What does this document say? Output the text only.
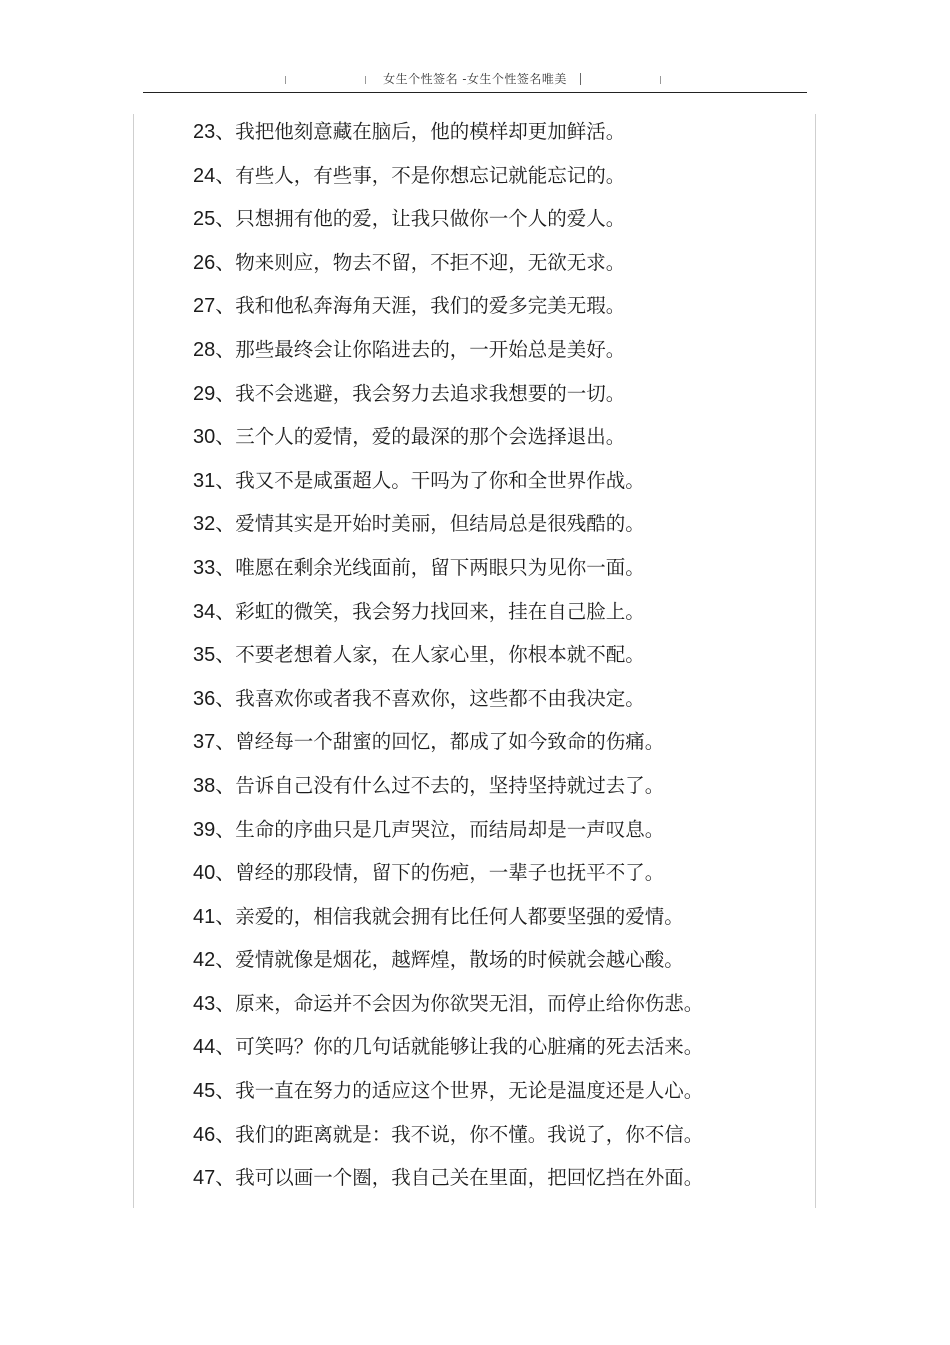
女生个性签名 -女生个性签名唯美
23、我把他刻意藏在脑后，他的模样却更加鲜活。
24、有些人，有些事，不是你想忘记就能忘记的。
25、只想拥有他的爱，让我只做你一个人的爱人。
26、物来则应，物去不留，不拒不迎，无欲无求。
27、我和他私奔海角天涯，我们的爱多完美无瑕。
28、那些最终会让你陷进去的，一开始总是美好。
29、我不会逃避，我会努力去追求我想要的一切。
30、三个人的爱情，爱的最深的那个会选择退出。
31、我又不是咸蛋超人。干吗为了你和全世界作战。
32、爱情其实是开始时美丽，但结局总是很残酷的。
33、唯愿在剩余光线面前，留下两眼只为见你一面。
34、彩虹的微笑，我会努力找回来，挂在自己脸上。
35、不要老想着人家，在人家心里，你根本就不配。
36、我喜欢你或者我不喜欢你，这些都不由我决定。
37、曾经每一个甜蜜的回忆，都成了如今致命的伤痛。
38、告诉自己没有什么过不去的，坚持坚持就过去了。
39、生命的序曲只是几声哭泣，而结局却是一声叹息。
40、曾经的那段情，留下的伤疤，一辈子也抚平不了。
41、亲爱的，相信我就会拥有比任何人都要坚强的爱情。
42、爱情就像是烟花，越辉煌，散场的时候就会越心酸。
43、原来，命运并不会因为你欲哭无泪，而停止给你伤悲。
44、可笑吗？你的几句话就能够让我的心脏痛的死去活来。
45、我一直在努力的适应这个世界，无论是温度还是人心。
46、我们的距离就是：我不说，你不懂。我说了，你不信。
47、我可以画一个圈，我自己关在里面，把回忆挡在外面。
